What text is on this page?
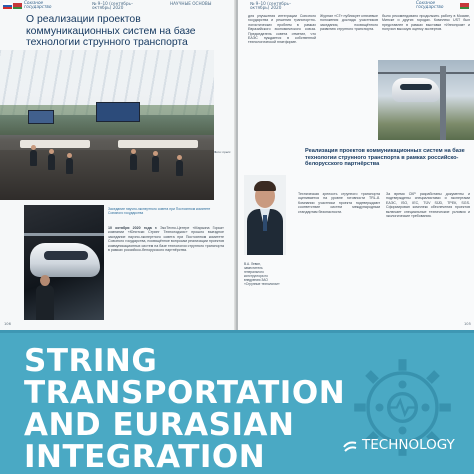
Союзное государство
№ 9–10 (сентябрь–октябрь) 2020
НАУЧНЫЕ ОСНОВЫ
О реализации проектов коммуникационных систем на базе технологии струнного транспорта
Фото: пресс
Заседание научно-экспертного совета при Постоянном комитете Союзного государства

10 октября 2020 года в ЭкоТехно-Центре «Марьина Горка» компании «Юнитски Стринг Технолоджис» прошло выездное заседание научно-экспертного совета при Постоянном комитете Союзного государства, посвящённое вопросам реализации проектов коммуникационных систем на базе технологии струнного транспорта в рамках российско-белорусского партнёрства.

106
№ 9–10 (сентябрь–октябрь) 2020
Союзное государство

для улучшения интеграции Союзного государства и решения транспортно-логистических проблем в рамках Евразийского экономического союза. Председатель совета отметил, что ЕАЭС нуждается в собственной технологической платформе.

Журнал «СГ» публикует ключевые положения доклада участников заседания, посвящённого развитию струнного транспорта.

было рекомендовано продолжить работу в Москве, Минске и других городах. Комплекс UST был представлен в рамках выставки «Иннопром» и получил высокую оценку экспертов.

В.А. Левин, заместитель генерального конструктора по внедрению ЗАО «Струнные технологии»

Техническая зрелость струнного транспорта оценивается на уровне готовности TRL-8. Компании участники проекта подтверждают соответствие систем международным стандартам безопасности.

За время СКР разработаны документы и подтверждены специалистами и экспертами ЕАЭС, ISO, IEC, TÜV SÜD, ТРЕК, SGS. Сформирован комплекс обеспечения проектов включает специальные технические условия и экологические требования.

105
Реализация проектов коммуникационных систем на базе технологии струнного транспорта в рамках российско-белорусского партнёрства
STRING
TRANSPORTATION
AND EURASIAN
INTEGRATION	TECHNOLOGY
